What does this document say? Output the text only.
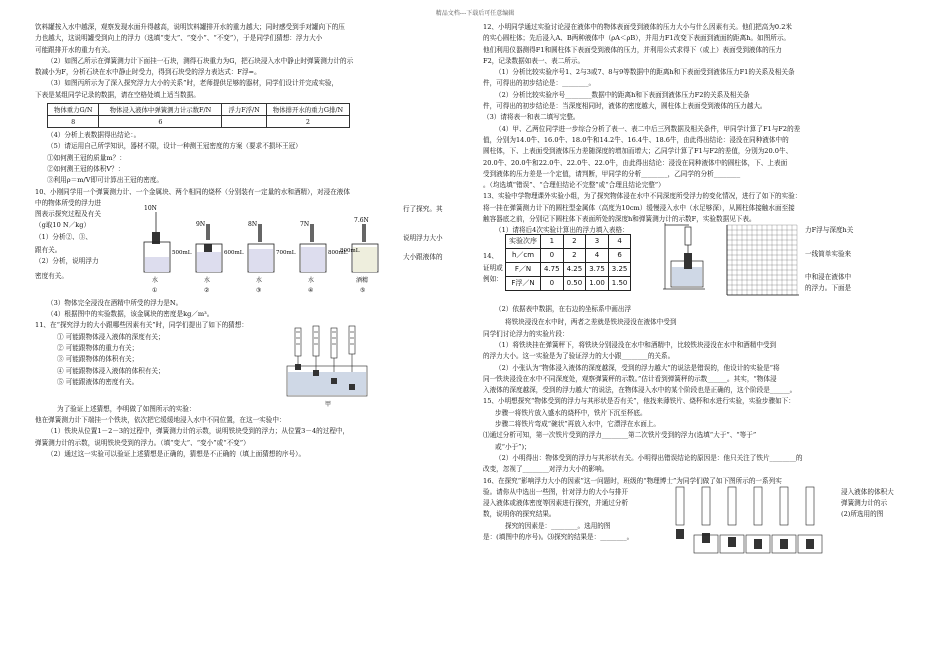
精品文档---下载后可任意编辑
饮料罐按入水中越深，观察发现水面升得越高，说明饮料罐排开水的重力越大；同时感受到手对罐向下的压
力也越大，这说明罐受到向上的浮力（选填“变大”、“变小”、“不变”），于是同学们猜想：浮力大小
可能跟排开水的重力有关。
（2）如图乙所示在弹簧测力计下面挂一石块，测得石块重力为G，把石块浸入水中静止时弹簧测力计的示
数减小为F，分析石块在水中静止时受力，得到石块受的浮力表达式：F浮=。
（3）如图丙所示为了深入探究浮力大小的关系”时，老师提供足够的器材，同学们设计并完成实验，
下表是某组同学记录的数据，请在空格处填上适当数据。
物体重力G/N	物体浸入液体中弹簧测力计示数F/N	浮力F浮/N	物体排开水的重力G排/N
8	6		2
（4）分析上表数据得出结论：。
（5）请运用自己所学知识，器材不限，设计一种测王冠密度的方案（要求不损坏王冠）
①如何测王冠的质量m？：
②如何测王冠的体积V？：
③利用ρ＝m/V即可计算出王冠的密度。
10、小刚同学用一个弹簧测力计、一个金属块、两个相同的烧杯（分别装有一定量的水和酒精），对浸在液体
中的物体所受的浮力进
图表示探究过程及有关
（g取10 N／kg）
（1）分析②、③、
跟有关。
（2）分析，说明浮力
密度有关。
10N
500mL
水
①
9N
600mL
水
②
8N
700mL
水
③
7N
800mL
水
④
7.6N
800mL
酒精
⑤
行了探究。其
说明浮力大小
大小跟液体的
（3）物体完全浸没在酒精中所受的浮力是N。
（4）根据图中的实验数据，该金属块的密度是kg／m³。
11、在“探究浮力的大小跟哪些因素有关”时，同学们提出了如下的猜想：
① 可能跟物体浸入液体的深度有关；
② 可能跟物体的重力有关；
③ 可能跟物体的体积有关；
④ 可能跟物体浸入液体的体积有关；
⑤ 可能跟液体的密度有关。
甲
为了验证上述猜想，李明做了如图所示的实验：
他在弹簧测力计下端挂一个铁块，依次把它缓缓地浸入水中不同位置，在这一实验中：
（1）铁块从位置1－2－3的过程中，弹簧测力计的示数，说明铁块受到的浮力；从位置3－4的过程中，
弹簧测力计的示数，说明铁块受到的浮力。（填“变大”、“变小”或“不变”）
（2）通过这一实验可以验证上述猜想是正确的，猜想是不正确的（填上面猜想的序号）。
12、小明同学通过实验讨论浸在液体中的物体表面受到液体的压力大小与什么因素有关。他们把高为0.2米
的实心圆柱体；先后浸入A、B两种液体中（ρA＜ρB），并用力F1改变下表面到液面的距离h。如图所示。
他们利用仪器测得F1和圆柱体下表面受到液体的压力，并利用公式求得下（或上）表面受到液体的压力
F2，记录数据如表一、表二所示。
（1）分析比较实验序号1、2与3或7、8与9等数据中的距离h和下表面受到液体压力F1的关系及相关条
件，可得出的初步结论是：________。
（2）分析比较实验序号________数据中的距离h和下表面到液体压力F2的关系及相关条
件，可得出的初步结论是：当深度相同时，液体的密度越大，圆柱体上表面受到液体的压力越大。
（3）请将表一和表二填写完整。
（4）甲、乙两位同学进一步综合分析了表一、表二中后三列数据及相关条件，甲同学计算了F1与F2的差
值，分别为14.0牛、16.0牛、18.0牛和14.2牛、16.4牛、18.6牛，由此得出结论：浸没在同种液体中的
圆柱体，下、上表面受到液体压力差随深度的增加而增大；乙同学计算了F1与F2的差值，分别为20.0牛、
20.0牛、20.0牛和22.0牛、22.0牛、22.0牛，由此得出结论：浸没在同种液体中的圆柱体，下、上表面
受到液体的压力差是一个定值，请判断，甲同学的分析________，乙同学的分析________
。（均选填“错误”、“合理但结论不完整”或“合理且结论完整”）
13、实验中学物理课外实验小组，为了探究物体浸在水中不同深度所受浮力的变化情况，进行了如下的实验：
将一挂在弹簧测力计下的圆柱型金属体（高度为10cm）缓慢浸入水中（水足够深），从圆柱体接触水面至接
触容器底之前，分别记下圆柱体下表面所处的深度h和弹簧测力计的示数F，实验数据见下表。
（1）请将后4次实验计算出的浮力填入表格：
14、
证明或
例如：
实验次序	1	2	3	4
h／cm	0	2	4	6
F／N	4.75	4.25	3.75	3.25
F浮／N	0	0.50	1.00	1.50
力F浮与深度h关
一线简单实验来
中和浸在液体中
的浮力。下面是
（2）依据表中数据，在右边的坐标系中画出浮
将铁块浸没在水中时，两者之差就是铁块浸没在液体中受到
同学们讨论浮力的实验片段：
（1）将铁块挂在弹簧秤下，将铁块分别浸没在水中和酒精中，比较铁块浸没在水中和酒精中受到
的浮力大小。这一实验是为了验证浮力的大小跟________的关系。
（2）小张认为“物体浸入液体的深度越深，受到的浮力越大”的说法是错误的，他设计的实验是“将
同一铁块浸没在水中不同深度处，观察弹簧秤的示数。”估计看到弹簧秤的示数______。其实，“物体浸
入液体的深度越深，受到的浮力越大”的说法，在物体浸入水中的某个阶段也是正确的，这个阶段是______。
15、小明想探究“物体受到的浮力与其形状是否有关”，他找来薄铁片、烧杯和水进行实验，实验步骤如下：
步骤一将铁片放入盛水的烧杯中，铁片下沉至杯底。
步骤二将铁片弯成“碗状”再放入水中，它漂浮在水面上。
⑴通过分析可知，第一次铁片受到的浮力________第二次铁片受到的浮力(选填“大于”、“等于”
或“小于”)；
（2）小明得出：物体受到的浮力与其形状有关。小明得出错误结论的原因是：他只关注了铁片________的
改变，忽视了________对浮力大小的影响。
16、在探究“影响浮力大小的因素”这一问题时，班级的“物理博士”为同学们做了如下图所示的一系列实
验。请你从中选出一些图，针对浮力的大小与排开
浸入液体或液体密度等因素进行探究，并通过分析
数，说明你的探究结果。
探究的因素是：________。选用的图
是：(填图中的序号)。⑶探究的结果是：________。
浸入液体的体积大
弹簧测力计的示
(2)所选用的图
